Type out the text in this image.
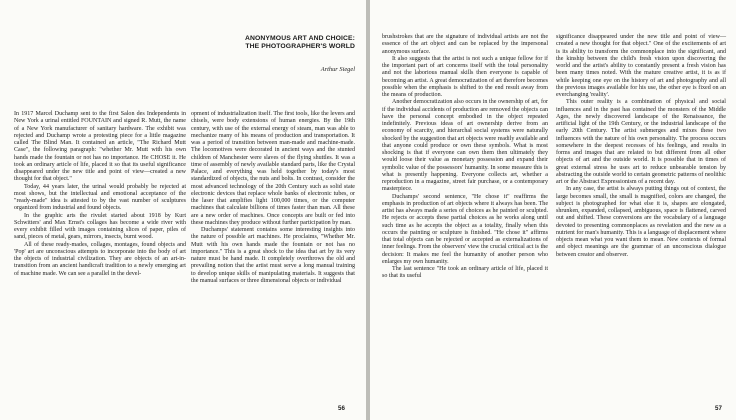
ANONYMOUS ART AND CHOICE:
THE PHOTOGRAPHER'S WORLD
Arthur Siegel

In 1917 Marcel Duchamp sent to the first Salon des Independents in New York a urinal entitled FOUNTAIN and signed R. Mutt, the name of a New York manufacturer of sanitary hardware. The exhibit was rejected and Duchamp wrote a protesting piece for a little magazine called The Blind Man. It contained an article, "The Richard Mutt Case", the following paragraph: "whether Mr. Mutt with his own hands made the fountain or not has no importance. He CHOSE it. He took an ordinary article of life, placed it so that its useful significance disappeared under the new title and point of view—created a new thought for that object."

Today, 44 years later, the urinal would probably be rejected at most shows, but the intellectual and emotional acceptance of the "ready-made" idea is attested to by the vast number of sculptures organized from industrial and found objects.

In the graphic arts the rivulet started about 1918 by Kurt Schwitters' and Max Ernst's collages has become a wide river with every exhibit filled with images containing slices of paper, piles of sand, pieces of metal, gears, mirrors, insects, burnt wood.

All of these ready-mades, collages, montages, found objects and 'Pop' art are unconscious attempts to incorporate into the body of art the objects of industrial civilization. They are objects of an art-in-transition from an ancient handicraft tradition to a newly emerging art of machine made. We can see a parallel in the devel-

opment of industrialization itself. The first tools, like the levers and chisels, were body extensions of human energies. By the 19th century, with use of the external energy of steam, man was able to mechanize many of his means of production and transportation. It was a period of transition between man-made and machine-made. The locomotives were decorated in ancient ways and the stunted children of Manchester were slaves of the flying shuttles. It was a time of assembly of newly available standard parts, like the Crystal Palace, and everything was held together by today's most standardized of objects, the nuts and bolts. In contrast, consider the most advanced technology of the 20th Century such as solid state electronic devices that replace whole banks of electronic tubes, or the laser that amplifies light 100,000 times, or the computer machines that calculate billions of times faster than man. All these are a new order of machines. Once concepts are built or fed into these machines they produce without further participation by man.

Duchamps' statement contains some interesting insights into the nature of possible art machines. He proclaims, "Whether Mr. Mutt with his own hands made the fountain or not has no importance." This is a great shock to the idea that art by its very nature must be hand made. It completely overthrows the old and prevailing notion that the artist must serve a long manual training to develop unique skills of manipulating materials. It suggests that the manual surfaces or three dimensional objects or individual

56

brushstrokes that are the signature of individual artists are not the essence of the art object and can be replaced by the impersonal anonymous surface.

It also suggests that the artist is not such a unique fellow for if the important part of art concerns itself with the total personality and not the laborious manual skills then everyone is capable of becoming an artist. A great democratization of art therefore becomes possible when the emphasis is shifted to the end result away from the means of production.

Another democratization also occurs in the ownership of art, for if the individual accidents of production are removed the objects can have the personal concept embodied in the object repeated indefinitely. Previous ideas of art ownership derive from an economy of scarcity, and hierarchal social systems were naturally shocked by the suggestion that art objects were readily available and that anyone could produce or own these symbols. What is most shocking is that if everyone can own them then ultimately they would loose their value as monetary possession and expand their symbolic value of the possessors' humanity. In some measure this is what is presently happening. Everyone collects art, whether a reproduction in a magazine, street fair purchase, or a contemporary masterpiece.

Duchamps' second sentence, "He chose it" reaffirms the emphasis in production of art objects where it always has been. The artist has always made a series of choices as he painted or sculpted. He rejects or accepts these partial choices as he works along until such time as he accepts the object as a totality, finally when this occurs the painting or sculpture is finished. "He chose it" affirms that total objects can be rejected or accepted as externalizations of inner feelings. From the observers' view the crucial critical act is the decision: It makes me feel the humanity of another person who enlarges my own humanity.

The last sentence "He took an ordinary article of life, placed it so that its useful

significance disappeared under the new title and point of view—created a new thought for that object." One of the excitements of art is its ability to transform the commonplace into the significant, and the kinship between the child's fresh vision upon discovering the world and the artist's ability to constantly present a fresh vision has been many times noted. With the mature creative artist, it is as if while keeping one eye on the history of art and photography and all the previous images available for his use, the other eye is fixed on an everchanging 'reality'.

This outer reality is a combination of physical and social influences and in the past has contained the monsters of the Middle Ages, the newly discovered landscape of the Renaissance, the artificial light of the 19th Century, or the industrial landscape of the early 20th Century. The artist submerges and mixes these two influences with the nature of his own personality. The process occurs somewhere in the deepest recesses of his feelings, and results in forms and images that are related to but different from all other objects of art and the outside world. It is possible that in times of great external stress he uses art to reduce unbearable tension by abstracting the outside world to certain geometric patterns of neolithic art or the Abstract Expressionism of a recent day.

In any case, the artist is always putting things out of context, the large becomes small, the small is magnified, colors are changed, the subject is photographed for what else it is, shapes are elongated, shrunken, expanded, collapsed, ambiguous, space is flattened, carved out and shifted. These conversions are the vocabulary of a language devoted to presenting commonplaces as revelation and the new as a nutrient for man's humanity. This is a language of displacement where objects mean what you want them to mean. New contexts of formal and object meanings are the grammar of an unconscious dialogue between creator and observer.

57
